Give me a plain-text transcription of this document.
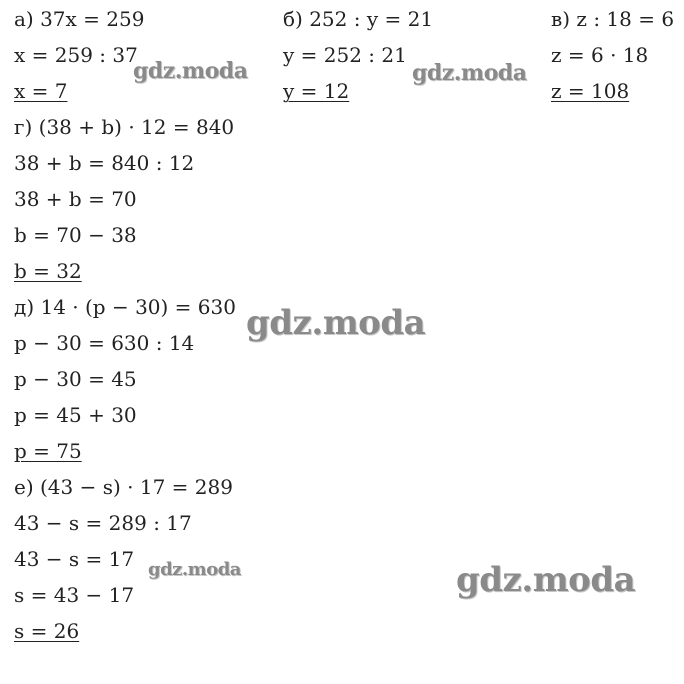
а) 37x = 259
x = 259 : 37
x = 7
б) 252 : y = 21
y = 252 : 21
y = 12
в) z : 18 = 6
z = 6 · 18
z = 108
г) (38 + b) · 12 = 840
38 + b = 840 : 12
38 + b = 70
b = 70 − 38
b = 32
д) 14 · (p − 30) = 630
p − 30 = 630 : 14
p − 30 = 45
p = 45 + 30
p = 75
е) (43 − s) · 17 = 289
43 − s = 289 : 17
43 − s = 17
s = 43 − 17
s = 26
gdz.moda	gdz.moda
gdz.moda
gdz.moda	gdz.moda
